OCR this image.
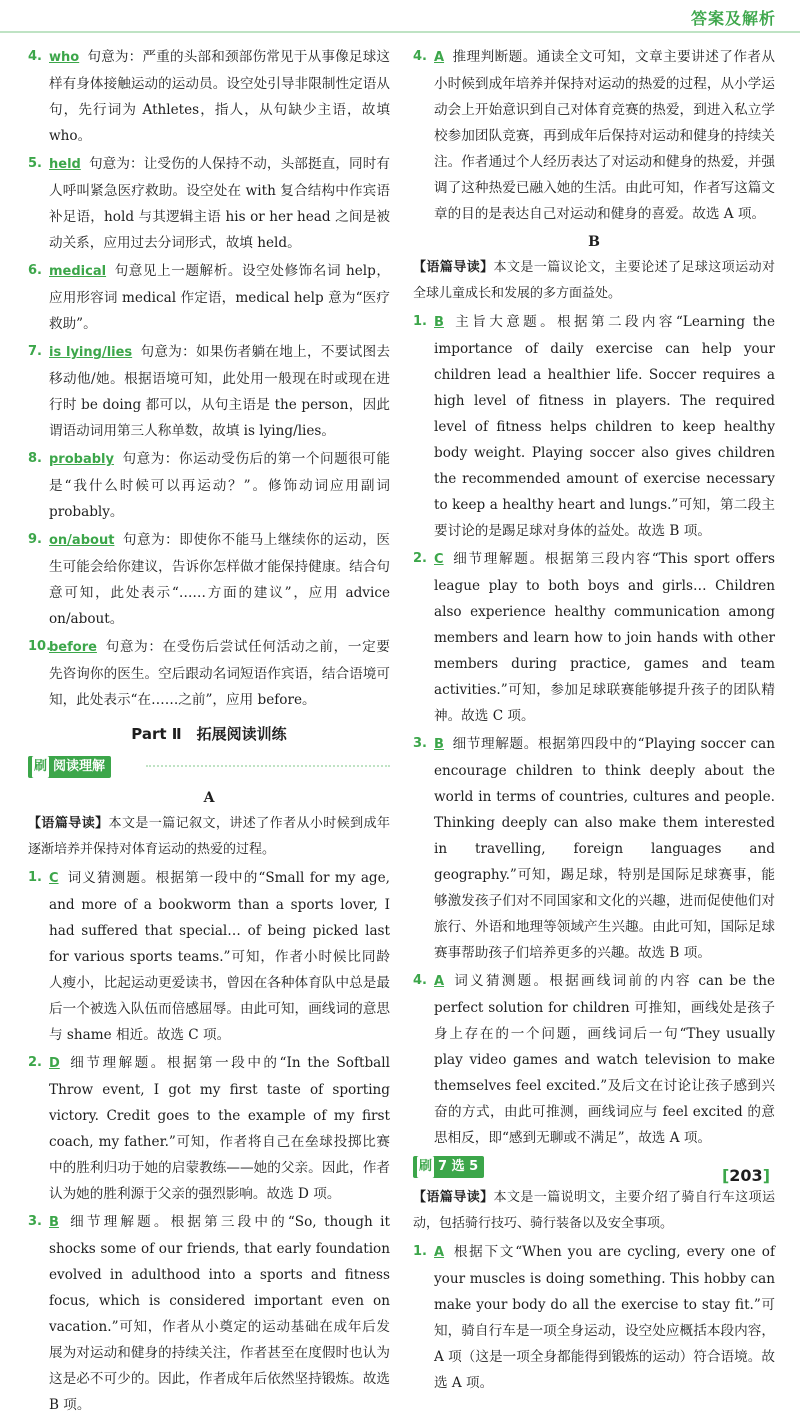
答案及解析

4. who 句意为：严重的头部和颈部伤常见于从事像足球这样有身体接触运动的运动员。设空处引导非限制性定语从句，先行词为 Athletes，指人，从句缺少主语，故填 who。

5. held 句意为：让受伤的人保持不动，头部挺直，同时有人呼叫紧急医疗救助。设空处在 with 复合结构中作宾语补足语，hold 与其逻辑主语 his or her head 之间是被动关系，应用过去分词形式，故填 held。

6. medical 句意见上一题解析。设空处修饰名词 help，应用形容词 medical 作定语，medical help 意为“医疗救助”。

7. is lying/lies 句意为：如果伤者躺在地上，不要试图去移动他/她。根据语境可知，此处用一般现在时或现在进行时 be doing 都可以，从句主语是 the person，因此谓语动词用第三人称单数，故填 is lying/lies。

8. probably 句意为：你运动受伤后的第一个问题很可能是“我什么时候可以再运动？”。修饰动词应用副词 probably。

9. on/about 句意为：即使你不能马上继续你的运动，医生可能会给你建议，告诉你怎样做才能保持健康。结合句意可知，此处表示“……方面的建议”，应用 advice on/about。

10.
before 句意为：在受伤后尝试任何活动之前，一定要先咨询你的医生。空后跟动名词短语作宾语，结合语境可知，此处表示“在……之前”，应用 before。

Part Ⅱ　拓展阅读训练
刷 阅读理解

A

【语篇导读】本文是一篇记叙文，讲述了作者从小时候到成年逐渐培养并保持对体育运动的热爱的过程。

1. C 词义猜测题。根据第一段中的“Small for my age, and more of a bookworm than a sports lover, I had suffered that special… of being picked last for various sports teams.”可知，作者小时候比同龄人瘦小，比起运动更爱读书，曾因在各种体育队中总是最后一个被选入队伍而倍感屈辱。由此可知，画线词的意思与 shame 相近。故选 C 项。

2. D 细节理解题。根据第一段中的“In the Softball Throw event, I got my first taste of sporting victory. Credit goes to the example of my first coach, my father.”可知，作者将自己在垒球投掷比赛中的胜利归功于她的启蒙教练——她的父亲。因此，作者认为她的胜利源于父亲的强烈影响。故选 D 项。

3. B 细节理解题。根据第三段中的“So, though it shocks some of our friends, that early foundation evolved in adulthood into a sports and fitness focus, which is considered important even on vacation.”可知，作者从小奠定的运动基础在成年后发展为对运动和健身的持续关注，作者甚至在度假时也认为这是必不可少的。因此，作者成年后依然坚持锻炼。故选 B 项。

4. A 推理判断题。通读全文可知，文章主要讲述了作者从小时候到成年培养并保持对运动的热爱的过程，从小学运动会上开始意识到自己对体育竞赛的热爱，到进入私立学校参加团队竞赛，再到成年后保持对运动和健身的持续关注。作者通过个人经历表达了对运动和健身的热爱，并强调了这种热爱已融入她的生活。由此可知，作者写这篇文章的目的是表达自己对运动和健身的喜爱。故选 A 项。

B

【语篇导读】本文是一篇议论文，主要论述了足球这项运动对全球儿童成长和发展的多方面益处。

1. B 主旨大意题。根据第二段内容“Learning the importance of daily exercise can help your children lead a healthier life. Soccer requires a high level of fitness in players. The required level of fitness helps children to keep healthy body weight. Playing soccer also gives children the recommended amount of exercise necessary to keep a healthy heart and lungs.”可知，第二段主要讨论的是踢足球对身体的益处。故选 B 项。

2. C 细节理解题。根据第三段内容“This sport offers league play to both boys and girls… Children also experience healthy communication among members and learn how to join hands with other members during practice, games and team activities.”可知，参加足球联赛能够提升孩子的团队精神。故选 C 项。

3. B 细节理解题。根据第四段中的“Playing soccer can encourage children to think deeply about the world in terms of countries, cultures and people. Thinking deeply can also make them interested in travelling, foreign languages and geography.”可知，踢足球，特别是国际足球赛事，能够激发孩子们对不同国家和文化的兴趣，进而促使他们对旅行、外语和地理等领域产生兴趣。由此可知，国际足球赛事帮助孩子们培养更多的兴趣。故选 B 项。

4. A 词义猜测题。根据画线词前的内容 can be the perfect solution for children 可推知，画线处是孩子身上存在的一个问题，画线词后一句“They usually play video games and watch television to make themselves feel excited.”及后文在讨论让孩子感到兴奋的方式，由此可推测，画线词应与 feel excited 的意思相反，即“感到无聊或不满足”，故选 A 项。

刷 7 选 5

【语篇导读】本文是一篇说明文，主要介绍了骑自行车这项运动，包括骑行技巧、骑行装备以及安全事项。

1. A 根据下文“When you are cycling, every one of your muscles is doing something. This hobby can make your body do all the exercise to stay fit.”可知，骑自行车是一项全身运动，设空处应概括本段内容，A 项（这是一项全身都能得到锻炼的运动）符合语境。故选 A 项。

[203]
